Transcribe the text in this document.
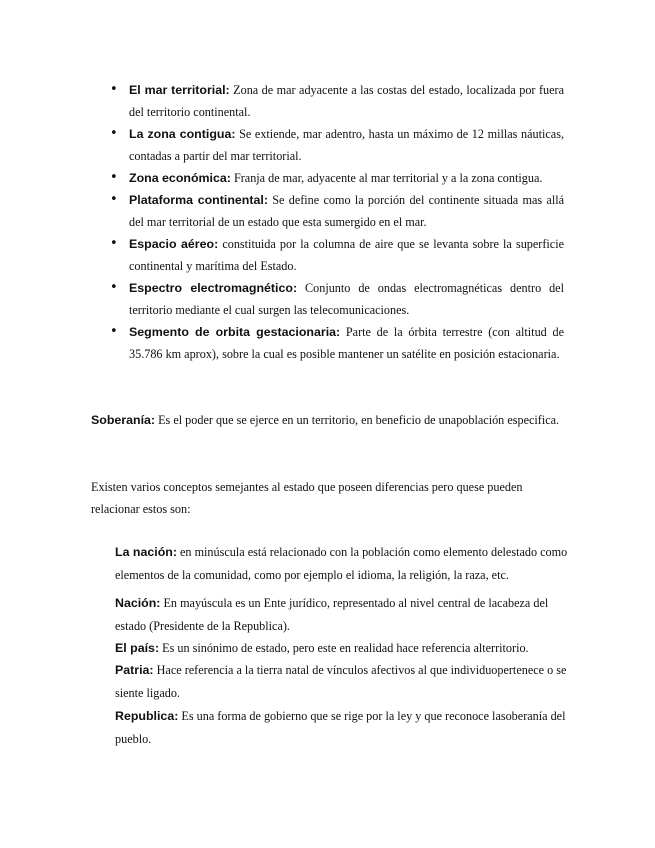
• El mar territorial: Zona de mar adyacente a las costas del estado, localizada por fuera del territorio continental.
• La zona contigua: Se extiende, mar adentro, hasta un máximo de 12 millas náuticas, contadas a partir del mar territorial.
• Zona económica: Franja de mar, adyacente al mar territorial y a la zona contigua.
• Plataforma continental: Se define como la porción del continente situada mas allá del mar territorial de un estado que esta sumergido en el mar.
• Espacio aéreo: constituida por la columna de aire que se levanta sobre la superficie continental y marítima del Estado.
• Espectro electromagnético: Conjunto de ondas electromagnéticas dentro del territorio mediante el cual surgen las telecomunicaciones.
• Segmento de orbita gestacionaria: Parte de la órbita terrestre (con altitud de 35.786 km aprox), sobre la cual es posible mantener un satélite en posición estacionaria.

Soberanía: Es el poder que se ejerce en un territorio, en beneficio de unapoblación especifica.

Existen varios conceptos semejantes al estado que poseen diferencias pero quese pueden relacionar estos son:

La nación: en minúscula está relacionado con la población como elemento delestado como elementos de la comunidad, como por ejemplo el idioma, la religión, la raza, etc.

Nación: En mayúscula es un Ente jurídico, representado al nivel central de lacabeza del estado (Presidente de la Republica).

El país: Es un sinónimo de estado, pero este en realidad hace referencia alterritorio.

Patria: Hace referencia a la tierra natal de vínculos afectivos al que individuopertenece o se siente ligado.

Republica: Es una forma de gobierno que se rige por la ley y que reconoce lasoberanía del pueblo.
